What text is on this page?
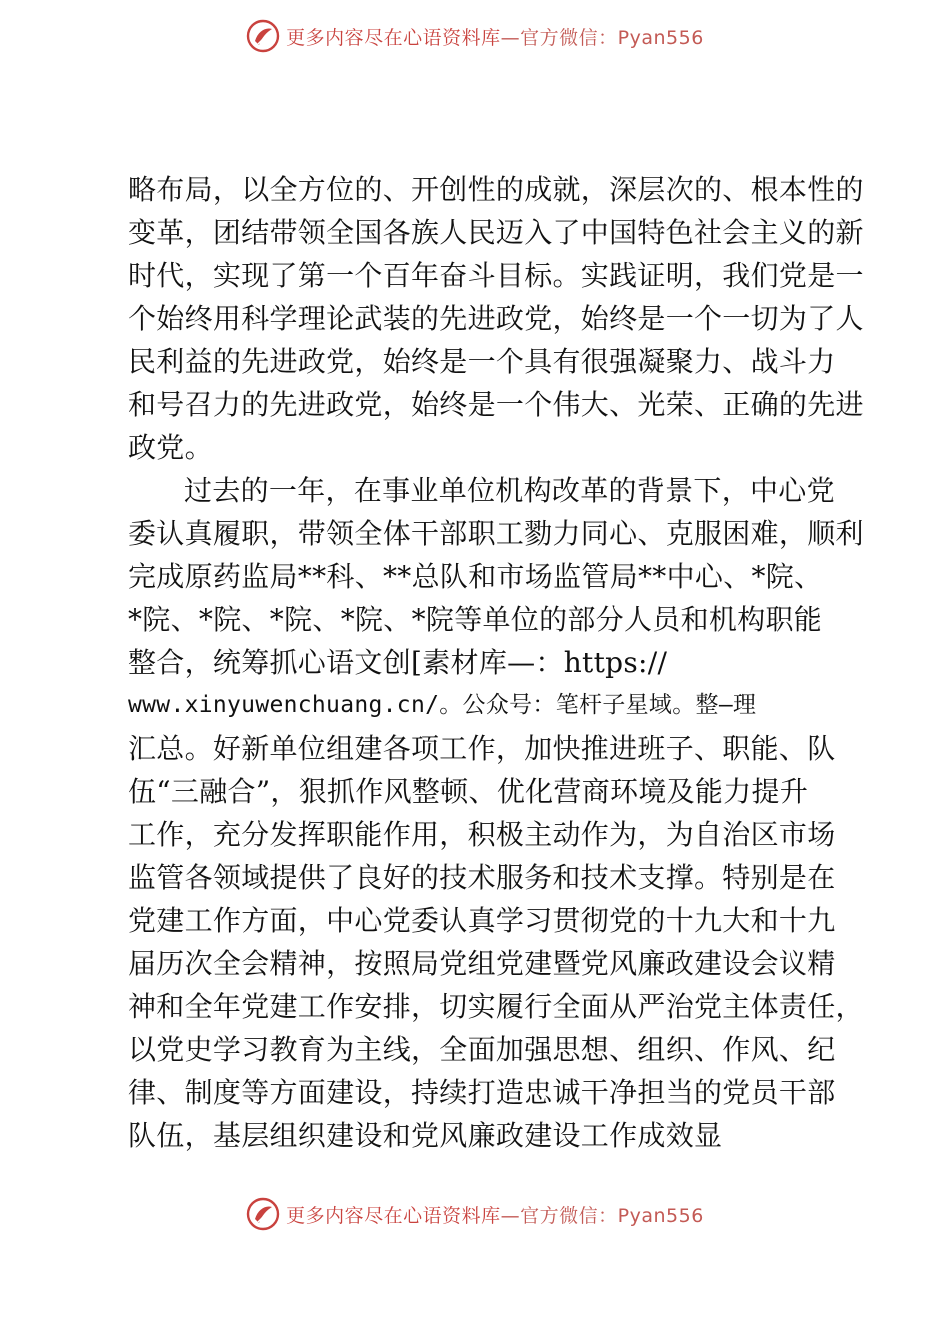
更多内容尽在心语资料库—官方微信：Pyan556
略布局，以全方位的、开创性的成就，深层次的、根本性的
变革，团结带领全国各族人民迈入了中国特色社会主义的新
时代，实现了第一个百年奋斗目标。实践证明，我们党是一
个始终用科学理论武装的先进政党，始终是一个一切为了人
民利益的先进政党，始终是一个具有很强凝聚力、战斗力
和号召力的先进政党，始终是一个伟大、光荣、正确的先进
政党。
过去的一年，在事业单位机构改革的背景下，中心党
委认真履职，带领全体干部职工勠力同心、克服困难，顺利
完成原药监局**科、**总队和市场监管局**中心、*院、
*院、*院、*院、*院、*院等单位的部分人员和机构职能
整合，统筹抓心语文创[素材库—：https://
www.xinyuwenchuang.cn/。公众号：笔杆子星域。整—理
汇总。好新单位组建各项工作，加快推进班子、职能、队
伍“三融合”，狠抓作风整顿、优化营商环境及能力提升
工作，充分发挥职能作用，积极主动作为，为自治区市场
监管各领域提供了良好的技术服务和技术支撑。特别是在
党建工作方面，中心党委认真学习贯彻党的十九大和十九
届历次全会精神，按照局党组党建暨党风廉政建设会议精
神和全年党建工作安排，切实履行全面从严治党主体责任，
以党史学习教育为主线，全面加强思想、组织、作风、纪
律、制度等方面建设，持续打造忠诚干净担当的党员干部
队伍，基层组织建设和党风廉政建设工作成效显
更多内容尽在心语资料库—官方微信：Pyan556
